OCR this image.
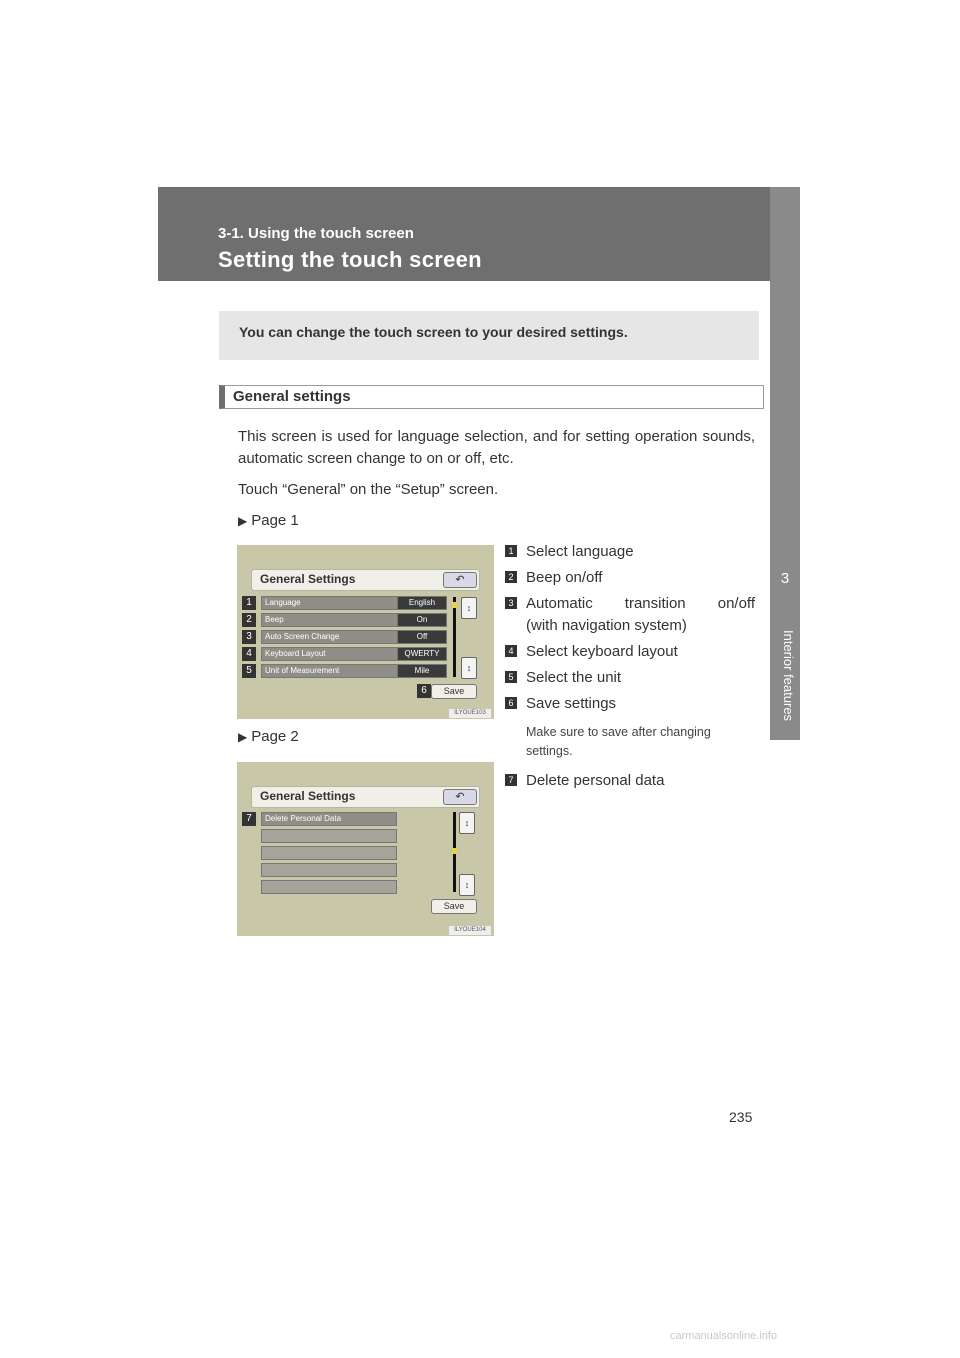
3-1. Using the touch screen
Setting the touch screen
3
Interior features
You can change the touch screen to your desired settings.
General settings
This screen is used for language selection, and for setting operation sounds, automatic screen change to on or off, etc.
Touch “General” on the “Setup” screen.
▶ Page 1
General Settings	↶
1	Language	English
2	Beep	On
3	Auto Screen Change	Off
4	Keyboard Layout	QWERTY
5	Unit of Measurement	Mile
↕
↕
6	Save
ILYOUE103
▶ Page 2
General Settings	↶
7	Delete Personal Data	↕
↕
Save
ILYOUE104
1 Select language
2 Beep on/off
3 Automatic transition on/off
(with navigation system)
4 Select keyboard layout
5 Select the unit
6 Save settings
7 Delete personal data
Make sure to save after changing settings.
235
carmanualsonline.info
